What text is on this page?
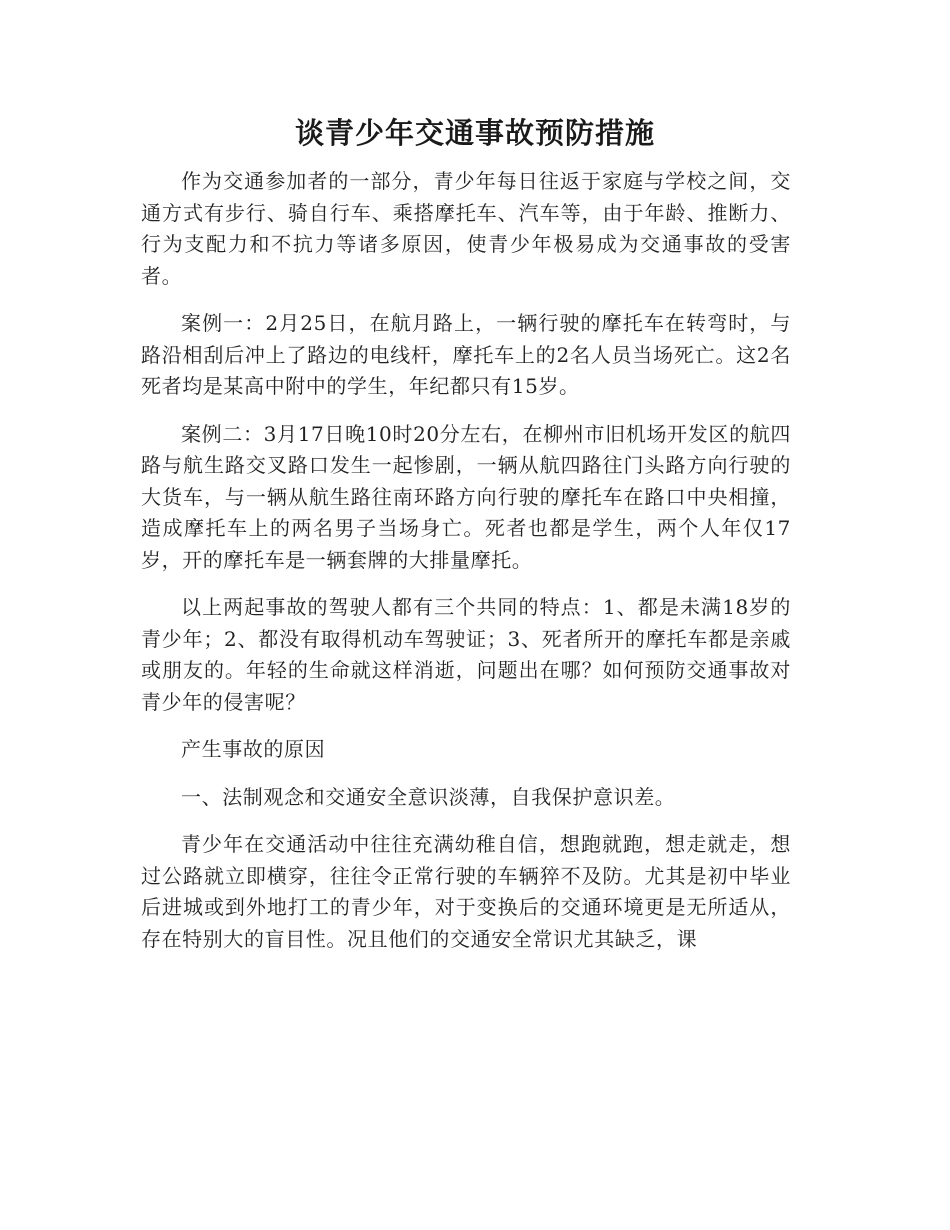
谈青少年交通事故预防措施

作为交通参加者的一部分，青少年每日往返于家庭与学校之间，交通方式有步行、骑自行车、乘搭摩托车、汽车等，由于年龄、推断力、行为支配力和不抗力等诸多原因，使青少年极易成为交通事故的受害者。

案例一：2月25日，在航月路上，一辆行驶的摩托车在转弯时，与路沿相刮后冲上了路边的电线杆，摩托车上的2名人员当场死亡。这2名死者均是某高中附中的学生，年纪都只有15岁。

案例二：3月17日晚10时20分左右，在柳州市旧机场开发区的航四路与航生路交叉路口发生一起惨剧，一辆从航四路往门头路方向行驶的大货车，与一辆从航生路往南环路方向行驶的摩托车在路口中央相撞，造成摩托车上的两名男子当场身亡。死者也都是学生，两个人年仅17岁，开的摩托车是一辆套牌的大排量摩托。

以上两起事故的驾驶人都有三个共同的特点：1、都是未满18岁的青少年；2、都没有取得机动车驾驶证；3、死者所开的摩托车都是亲戚或朋友的。年轻的生命就这样消逝，问题出在哪？如何预防交通事故对青少年的侵害呢？

产生事故的原因

一、法制观念和交通安全意识淡薄，自我保护意识差。

青少年在交通活动中往往充满幼稚自信，想跑就跑，想走就走，想过公路就立即横穿，往往令正常行驶的车辆猝不及防。尤其是初中毕业后进城或到外地打工的青少年，对于变换后的交通环境更是无所适从，存在特别大的盲目性。况且他们的交通安全常识尤其缺乏，课
